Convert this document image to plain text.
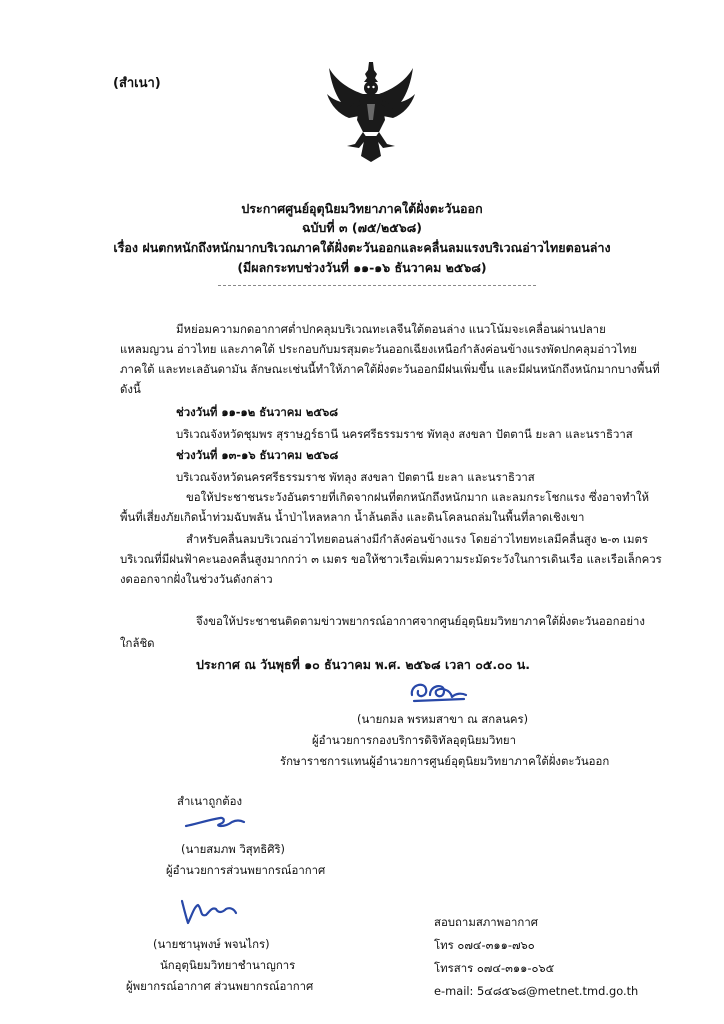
(สำเนา)
ประกาศศูนย์อุตุนิยมวิทยาภาคใต้ฝั่งตะวันออก
ฉบับที่ ๓ (๗๕/๒๕๖๘)
เรื่อง ฝนตกหนักถึงหนักมากบริเวณภาคใต้ฝั่งตะวันออกและคลื่นลมแรงบริเวณอ่าวไทยตอนล่าง
(มีผลกระทบช่วงวันที่ ๑๑-๑๖ ธันวาคม ๒๕๖๘)
มีหย่อมความกดอากาศต่ำปกคลุมบริเวณทะเลจีนใต้ตอนล่าง แนวโน้มจะเคลื่อนผ่านปลาย
แหลมญวน อ่าวไทย และภาคใต้ ประกอบกับมรสุมตะวันออกเฉียงเหนือกำลังค่อนข้างแรงพัดปกคลุมอ่าวไทย
ภาคใต้ และทะเลอันดามัน ลักษณะเช่นนี้ทำให้ภาคใต้ฝั่งตะวันออกมีฝนเพิ่มขึ้น และมีฝนหนักถึงหนักมากบางพื้นที่
ดังนี้
ช่วงวันที่ ๑๑-๑๒ ธันวาคม ๒๕๖๘
บริเวณจังหวัดชุมพร สุราษฎร์ธานี นครศรีธรรมราช พัทลุง สงขลา ปัตตานี ยะลา และนราธิวาส
ช่วงวันที่ ๑๓-๑๖ ธันวาคม ๒๕๖๘
บริเวณจังหวัดนครศรีธรรมราช พัทลุง สงขลา ปัตตานี ยะลา และนราธิวาส
ขอให้ประชาชนระวังอันตรายที่เกิดจากฝนที่ตกหนักถึงหนักมาก และลมกระโชกแรง ซึ่งอาจทำให้
พื้นที่เสี่ยงภัยเกิดน้ำท่วมฉับพลัน น้ำป่าไหลหลาก น้ำล้นตลิ่ง และดินโคลนถล่มในพื้นที่ลาดเชิงเขา
สำหรับคลื่นลมบริเวณอ่าวไทยตอนล่างมีกำลังค่อนข้างแรง โดยอ่าวไทยทะเลมีคลื่นสูง ๒-๓ เมตร
บริเวณที่มีฝนฟ้าคะนองคลื่นสูงมากกว่า ๓ เมตร ขอให้ชาวเรือเพิ่มความระมัดระวังในการเดินเรือ และเรือเล็กควร
งดออกจากฝั่งในช่วงวันดังกล่าว
จึงขอให้ประชาชนติดตามข่าวพยากรณ์อากาศจากศูนย์อุตุนิยมวิทยาภาคใต้ฝั่งตะวันออกอย่าง
ใกล้ชิด
ประกาศ ณ วันพุธที่ ๑๐ ธันวาคม พ.ศ. ๒๕๖๘ เวลา ๐๕.๐๐ น.
(นายกมล พรหมสาขา ณ สกลนคร)
ผู้อำนวยการกองบริการดิจิทัลอุตุนิยมวิทยา
รักษาราชการแทนผู้อำนวยการศูนย์อุตุนิยมวิทยาภาคใต้ฝั่งตะวันออก
สำเนาถูกต้อง
(นายสมภพ วิสุทธิศิริ)
ผู้อำนวยการส่วนพยากรณ์อากาศ
(นายชานุพงษ์ พจนไกร)
นักอุตุนิยมวิทยาชำนาญการ
ผู้พยากรณ์อากาศ ส่วนพยากรณ์อากาศ
สอบถามสภาพอากาศ
โทร ๐๗๔-๓๑๑-๗๖๐
โทรสาร ๐๗๔-๓๑๑-๐๖๕
e-mail: 5๔๘๕๖๘@metnet.tmd.go.th
